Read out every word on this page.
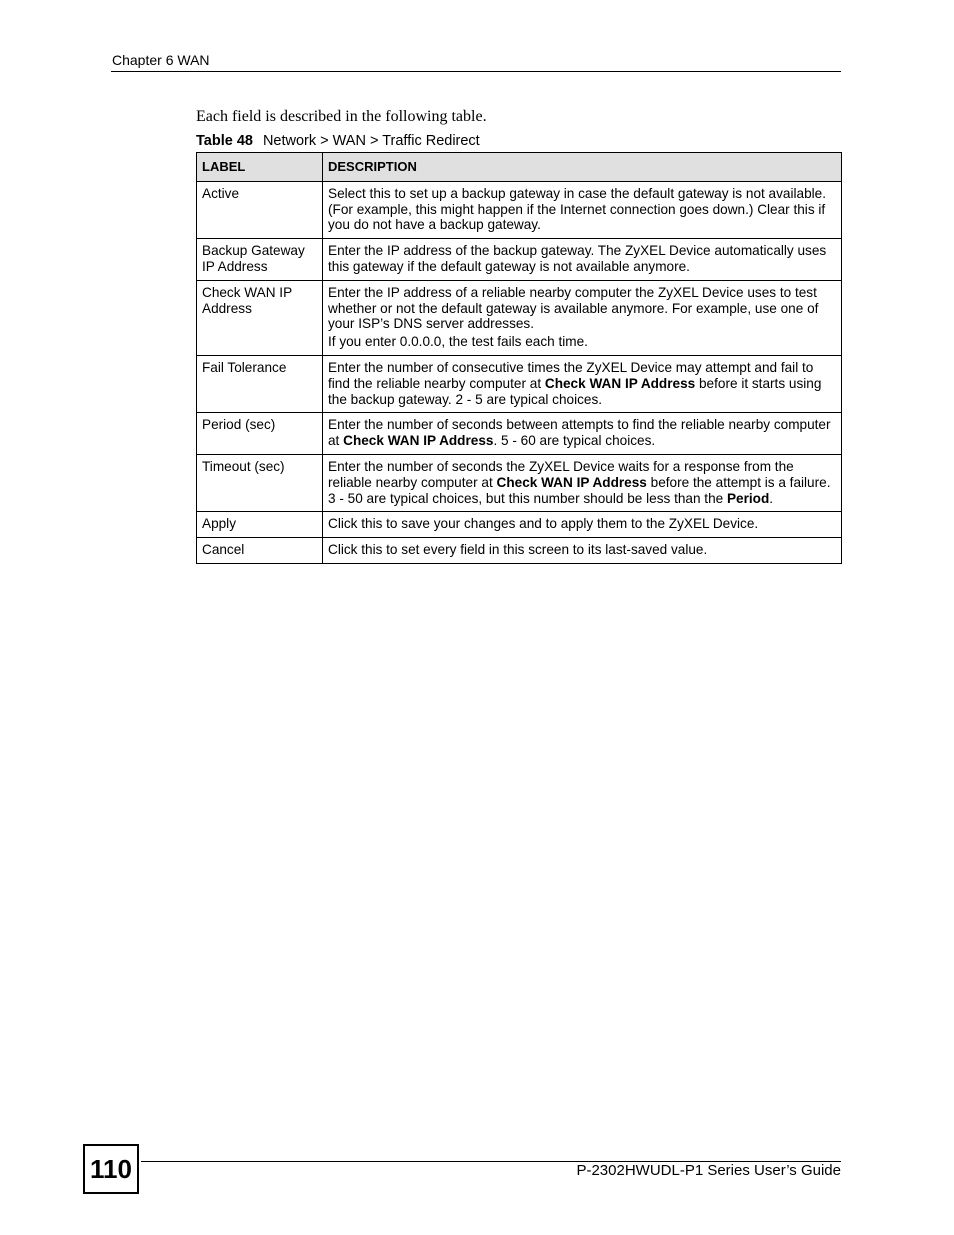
Chapter 6 WAN
Each field is described in the following table.
Table 48 Network > WAN > Traffic Redirect
LABEL	DESCRIPTION
Active	Select this to set up a backup gateway in case the default gateway is not available. (For example, this might happen if the Internet connection goes down.) Clear this if you do not have a backup gateway.

Backup Gateway IP Address	Enter the IP address of the backup gateway. The ZyXEL Device automatically uses this gateway if the default gateway is not available anymore.

Check WAN IP Address	Enter the IP address of a reliable nearby computer the ZyXEL Device uses to test whether or not the default gateway is available anymore. For example, use one of your ISP’s DNS server addresses.

If you enter 0.0.0.0, the test fails each time.

Fail Tolerance	Enter the number of consecutive times the ZyXEL Device may attempt and fail to find the reliable nearby computer at Check WAN IP Address before it starts using the backup gateway. 2 - 5 are typical choices.
Period (sec)	Enter the number of seconds between attempts to find the reliable nearby computer at Check WAN IP Address. 5 - 60 are typical choices.
Timeout (sec)	Enter the number of seconds the ZyXEL Device waits for a response from the reliable nearby computer at Check WAN IP Address before the attempt is a failure. 3 - 50 are typical choices, but this number should be less than the Period.
Apply	Click this to save your changes and to apply them to the ZyXEL Device.

Cancel	Click this to set every field in this screen to its last-saved value.

110	P-2302HWUDL-P1 Series User’s Guide
